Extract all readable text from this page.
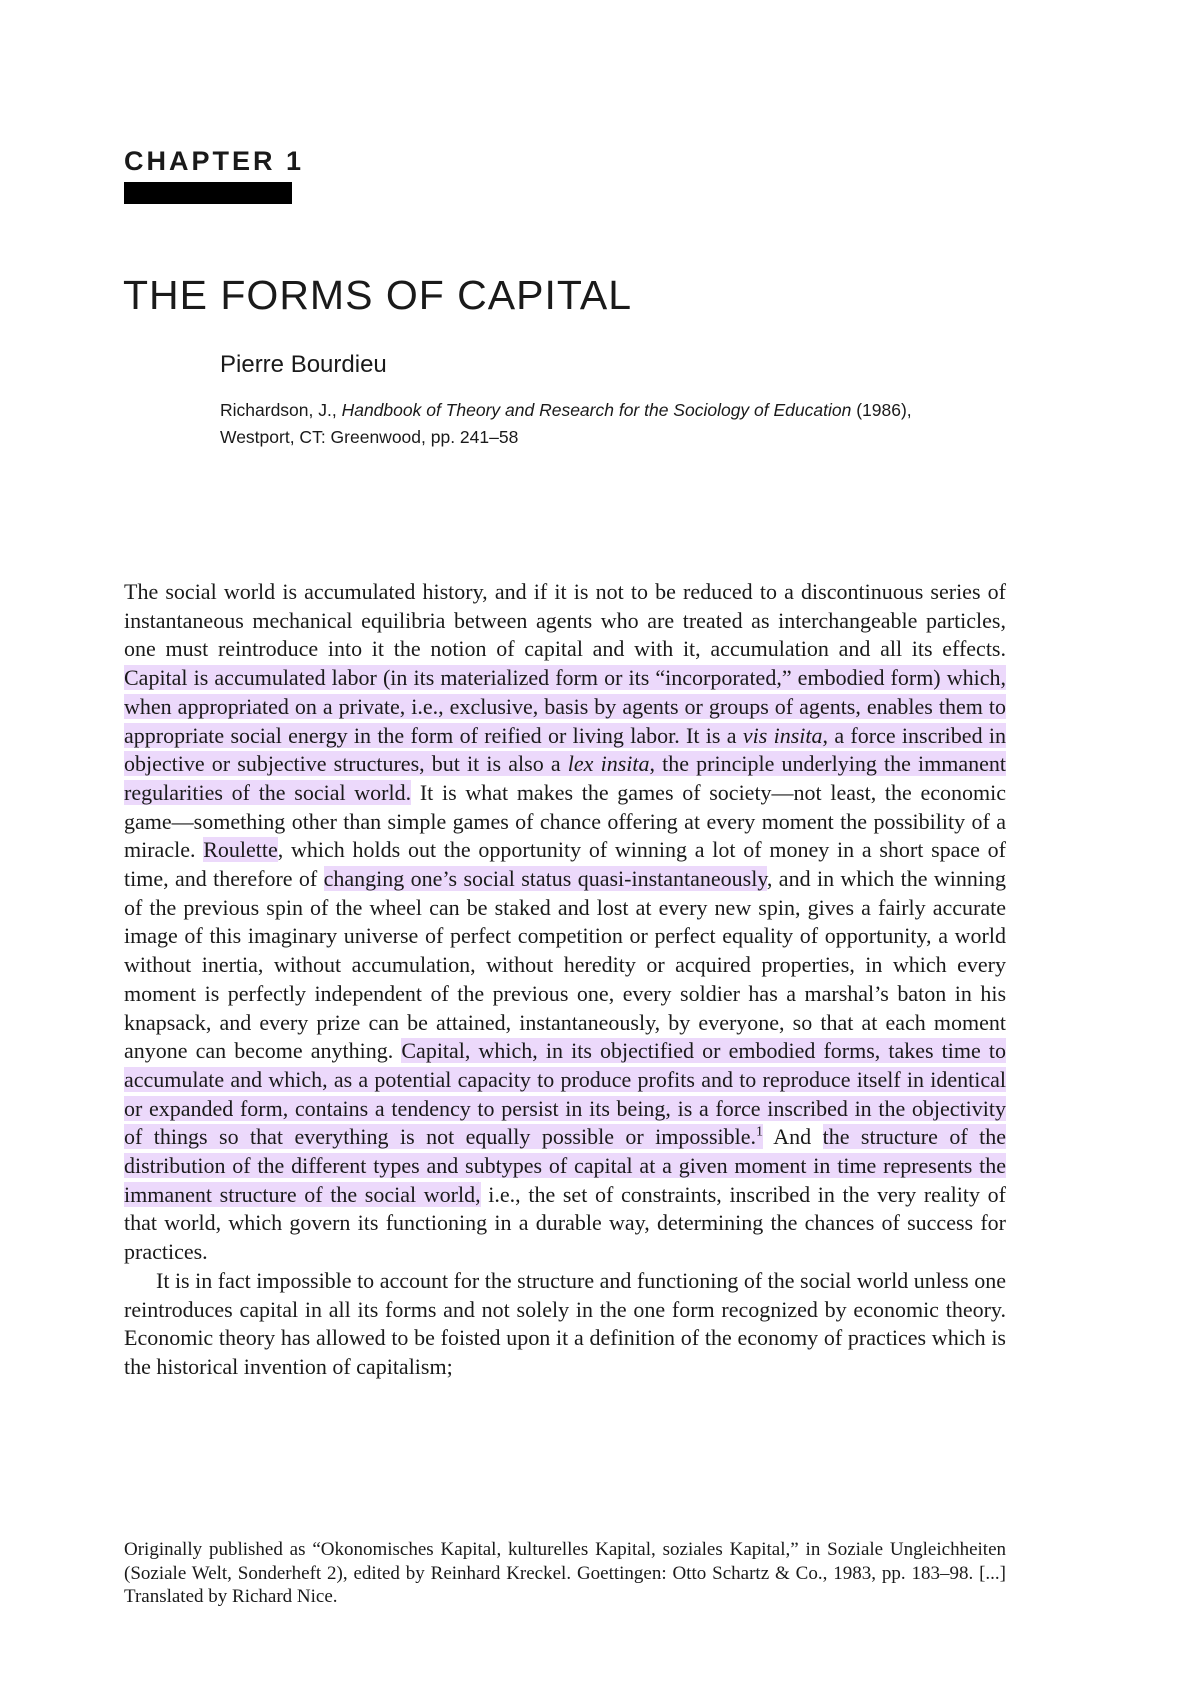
CHAPTER 1
THE FORMS OF CAPITAL
Pierre Bourdieu
Richardson, J., Handbook of Theory and Research for the Sociology of Education (1986),
Westport, CT: Greenwood, pp. 241–58

The social world is accumulated history, and if it is not to be reduced to a discontinuous series of instantaneous mechanical equilibria between agents who are treated as interchangeable particles, one must reintroduce into it the notion of capital and with it, accumulation and all its effects. Capital is accumulated labor (in its materialized form or its “incorporated,” embodied form) which, when appropriated on a private, i.e., exclusive, basis by agents or groups of agents, enables them to appropriate social energy in the form of reified or living labor. It is a vis insita, a force inscribed in objective or subjective structures, but it is also a lex insita, the principle underlying the immanent regularities of the social world. It is what makes the games of society—not least, the economic game—something other than simple games of chance offering at every moment the possibility of a miracle. Roulette, which holds out the opportunity of winning a lot of money in a short space of time, and therefore of changing one’s social status quasi-instantaneously, and in which the winning of the previous spin of the wheel can be staked and lost at every new spin, gives a fairly accurate image of this imaginary universe of perfect competition or perfect equality of opportunity, a world without inertia, without accumulation, without heredity or acquired properties, in which every moment is perfectly independent of the previous one, every soldier has a marshal’s baton in his knapsack, and every prize can be attained, instantaneously, by everyone, so that at each moment anyone can become anything. Capital, which, in its objectified or embodied forms, takes time to accumulate and which, as a potential capacity to produce profits and to reproduce itself in identical or expanded form, contains a tendency to persist in its being, is a force inscribed in the objectivity of things so that everything is not equally possible or impossible.$^1$ And the structure of the distribution of the different types and subtypes of capital at a given moment in time represents the immanent structure of the social world, i.e., the set of constraints, inscribed in the very reality of that world, which govern its functioning in a durable way, determining the chances of success for practices.

It is in fact impossible to account for the structure and functioning of the social world unless one reintroduces capital in all its forms and not solely in the one form recognized by economic theory. Economic theory has allowed to be foisted upon it a definition of the economy of practices which is the historical invention of capitalism;

Originally published as “Okonomisches Kapital, kulturelles Kapital, soziales Kapital,” in Soziale Ungleichheiten (Soziale Welt, Sonderheft 2), edited by Reinhard Kreckel. Goettingen: Otto Schartz & Co., 1983, pp. 183–98. [...] Translated by Richard Nice.
